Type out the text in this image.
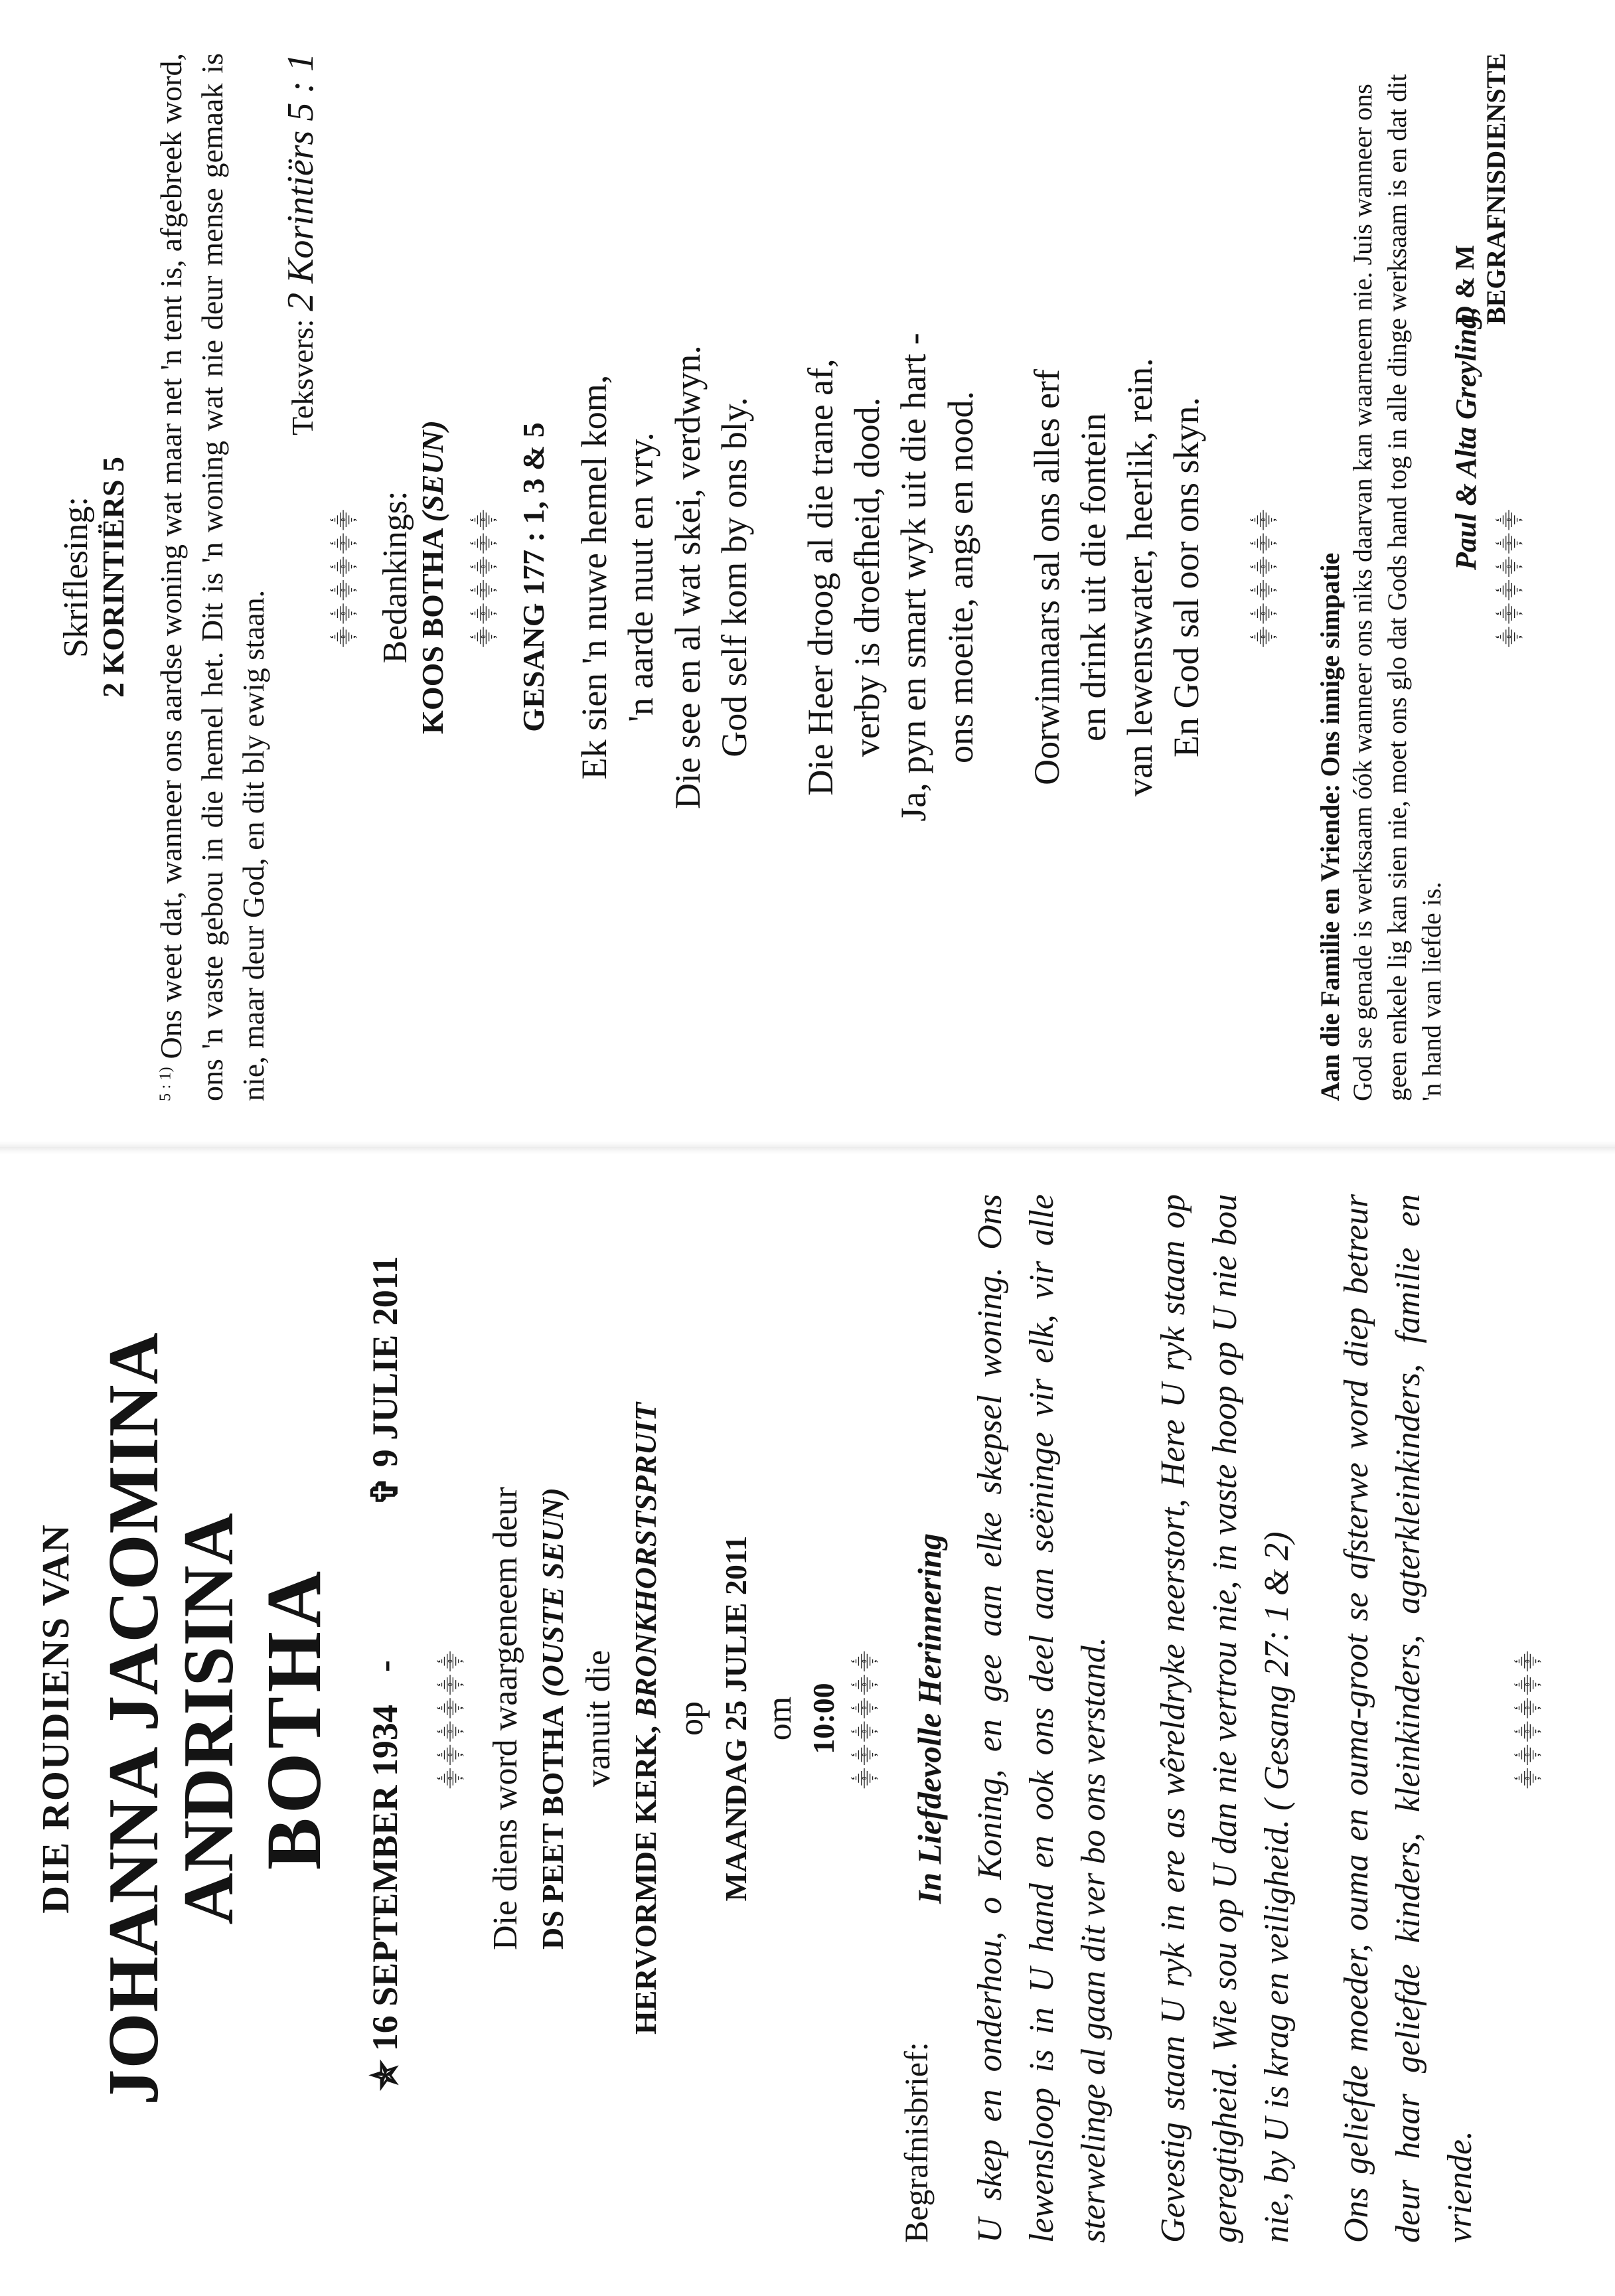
DIE ROUDIENS VAN JOHANNA JACOMINA ANDRISINA BOTHA
✯ 16 SEPTEMBER 1934
-
✞ 9 JULIE 2011
⸎⸎⸎⸎⸎⸎ Die diens word waargeneem deur DS PEET BOTHA (OUSTE SEUN)
vanuit die
HERVORMDE KERK, BRONKHORSTSPRUIT
op MAANDAG 25 JULIE 2011 om 10:00 ⸎⸎⸎⸎⸎⸎
Begrafnisbrief:
In Liefdevolle Herinnering U skep en onderhou, o Koning, en gee aan elke skepsel woning. Ons lewensloop is in U hand en ook ons deel aan seëninge vir elk, vir alle sterwelinge al gaan dit ver bo ons verstand. Gevestig staan U ryk in ere as wêreldryke neerstort, Here U ryk staan op geregtigheid. Wie sou op U dan nie vertrou nie, in vaste hoop op U nie bou nie, by U is krag en veiligheid. ( Gesang 27: 1 & 2) Ons geliefde moeder, ouma en ouma-groot se afsterwe word diep betreur deur haar geliefde kinders, kleinkinders, agterkleinkinders, familie en vriende.

⸎⸎⸎⸎⸎⸎
Skriflesing: 2 KORINTIËRS 5

$^{5 : 1)}$ Ons weet dat, wanneer ons aardse woning wat maar net 'n tent is, afgebreek word, ons 'n vaste gebou in die hemel het. Dit is 'n woning wat nie deur mense gemaak is nie, maar deur God, en dit bly ewig staan.

Teksvers: 2 Korintiërs 5 : 1
⸎⸎⸎⸎⸎⸎ Bedankings: KOOS BOTHA (SEUN)
⸎⸎⸎⸎⸎⸎ GESANG 177 : 1, 3 & 5 Ek sien 'n nuwe hemel kom, 'n aarde nuut en vry. Die see en al wat skei, verdwyn. God self kom by ons bly. Die Heer droog al die trane af, verby is droefheid, dood. Ja, pyn en smart wyk uit die hart - ons moeite, angs en nood. Oorwinnaars sal ons alles erf en drink uit die fontein van lewenswater, heerlik, rein. En God sal oor ons skyn. ⸎⸎⸎⸎⸎⸎
Aan die Familie en Vriende: Ons innige simpatie God se genade is werksaam óók wanneer ons niks daarvan kan waarneem nie. Juis wanneer ons geen enkele lig kan sien nie, moet ons glo dat Gods hand tog in alle dinge werksaam is en dat dit 'n hand van liefde is.

Paul & Alta Greyling,
D & M BEGRAFNISDIENSTE
⸎⸎⸎⸎⸎⸎
